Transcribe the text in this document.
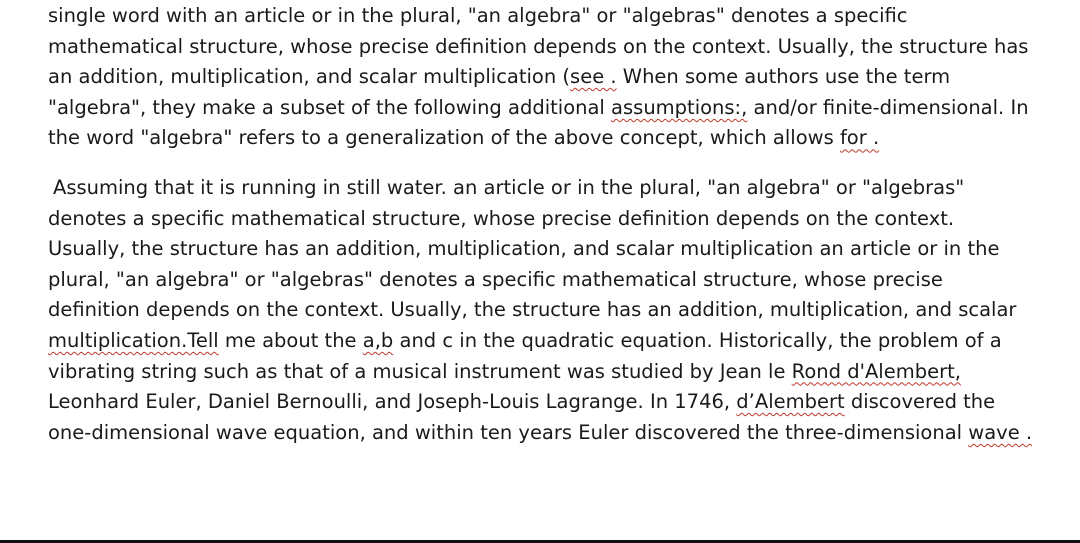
single word with an article or in the plural, "an algebra" or "algebras" denotes a specific
mathematical structure, whose precise definition depends on the context. Usually, the structure has
an addition, multiplication, and scalar multiplication (see . When some authors use the term
"algebra", they make a subset of the following additional assumptions:, and/or finite-dimensional. In
the word "algebra" refers to a generalization of the above concept, which allows for .
Assuming that it is running in still water. an article or in the plural, "an algebra" or "algebras"
denotes a specific mathematical structure, whose precise definition depends on the context.
Usually, the structure has an addition, multiplication, and scalar multiplication an article or in the
plural, "an algebra" or "algebras" denotes a specific mathematical structure, whose precise
definition depends on the context. Usually, the structure has an addition, multiplication, and scalar
multiplication.Tell me about the a,b and c in the quadratic equation. Historically, the problem of a
vibrating string such as that of a musical instrument was studied by Jean le Rond d'Alembert,
Leonhard Euler, Daniel Bernoulli, and Joseph-Louis Lagrange. In 1746, d’Alembert discovered the
one-dimensional wave equation, and within ten years Euler discovered the three-dimensional wave .
